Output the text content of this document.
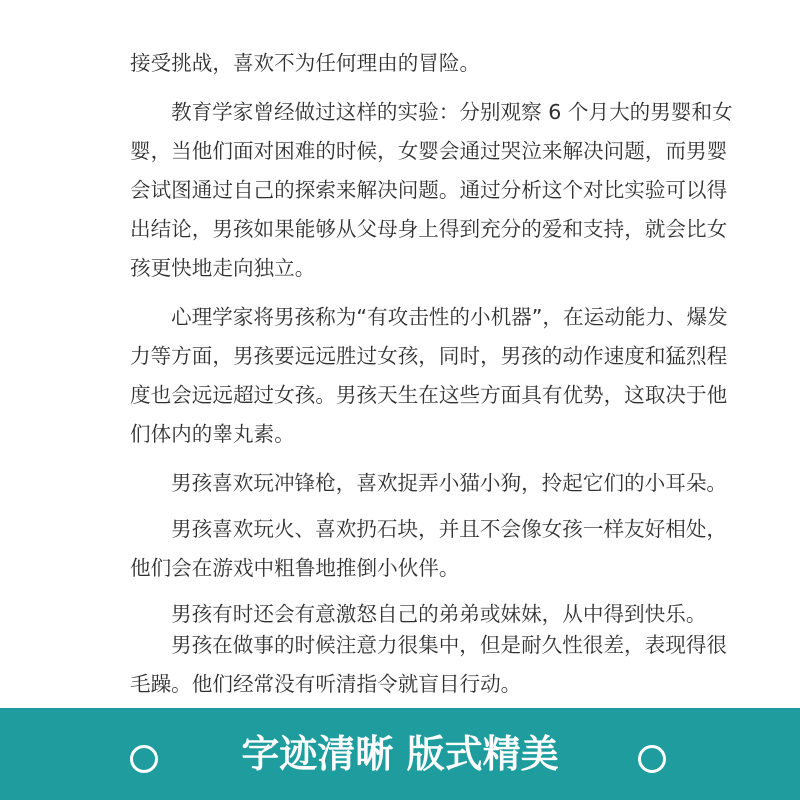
接受挑战，喜欢不为任何理由的冒险。
教育学家曾经做过这样的实验：分别观察 6 个月大的男婴和女
婴，当他们面对困难的时候，女婴会通过哭泣来解决问题，而男婴
会试图通过自己的探索来解决问题。通过分析这个对比实验可以得
出结论，男孩如果能够从父母身上得到充分的爱和支持，就会比女
孩更快地走向独立。
心理学家将男孩称为“有攻击性的小机器”，在运动能力、爆发
力等方面，男孩要远远胜过女孩，同时，男孩的动作速度和猛烈程
度也会远远超过女孩。男孩天生在这些方面具有优势，这取决于他
们体内的睾丸素。
男孩喜欢玩冲锋枪，喜欢捉弄小猫小狗，拎起它们的小耳朵。
男孩喜欢玩火、喜欢扔石块，并且不会像女孩一样友好相处，
他们会在游戏中粗鲁地推倒小伙伴。
男孩有时还会有意激怒自己的弟弟或妹妹，从中得到快乐。
男孩在做事的时候注意力很集中，但是耐久性很差，表现得很
毛躁。他们经常没有听清指令就盲目行动。
字迹清晰 版式精美
